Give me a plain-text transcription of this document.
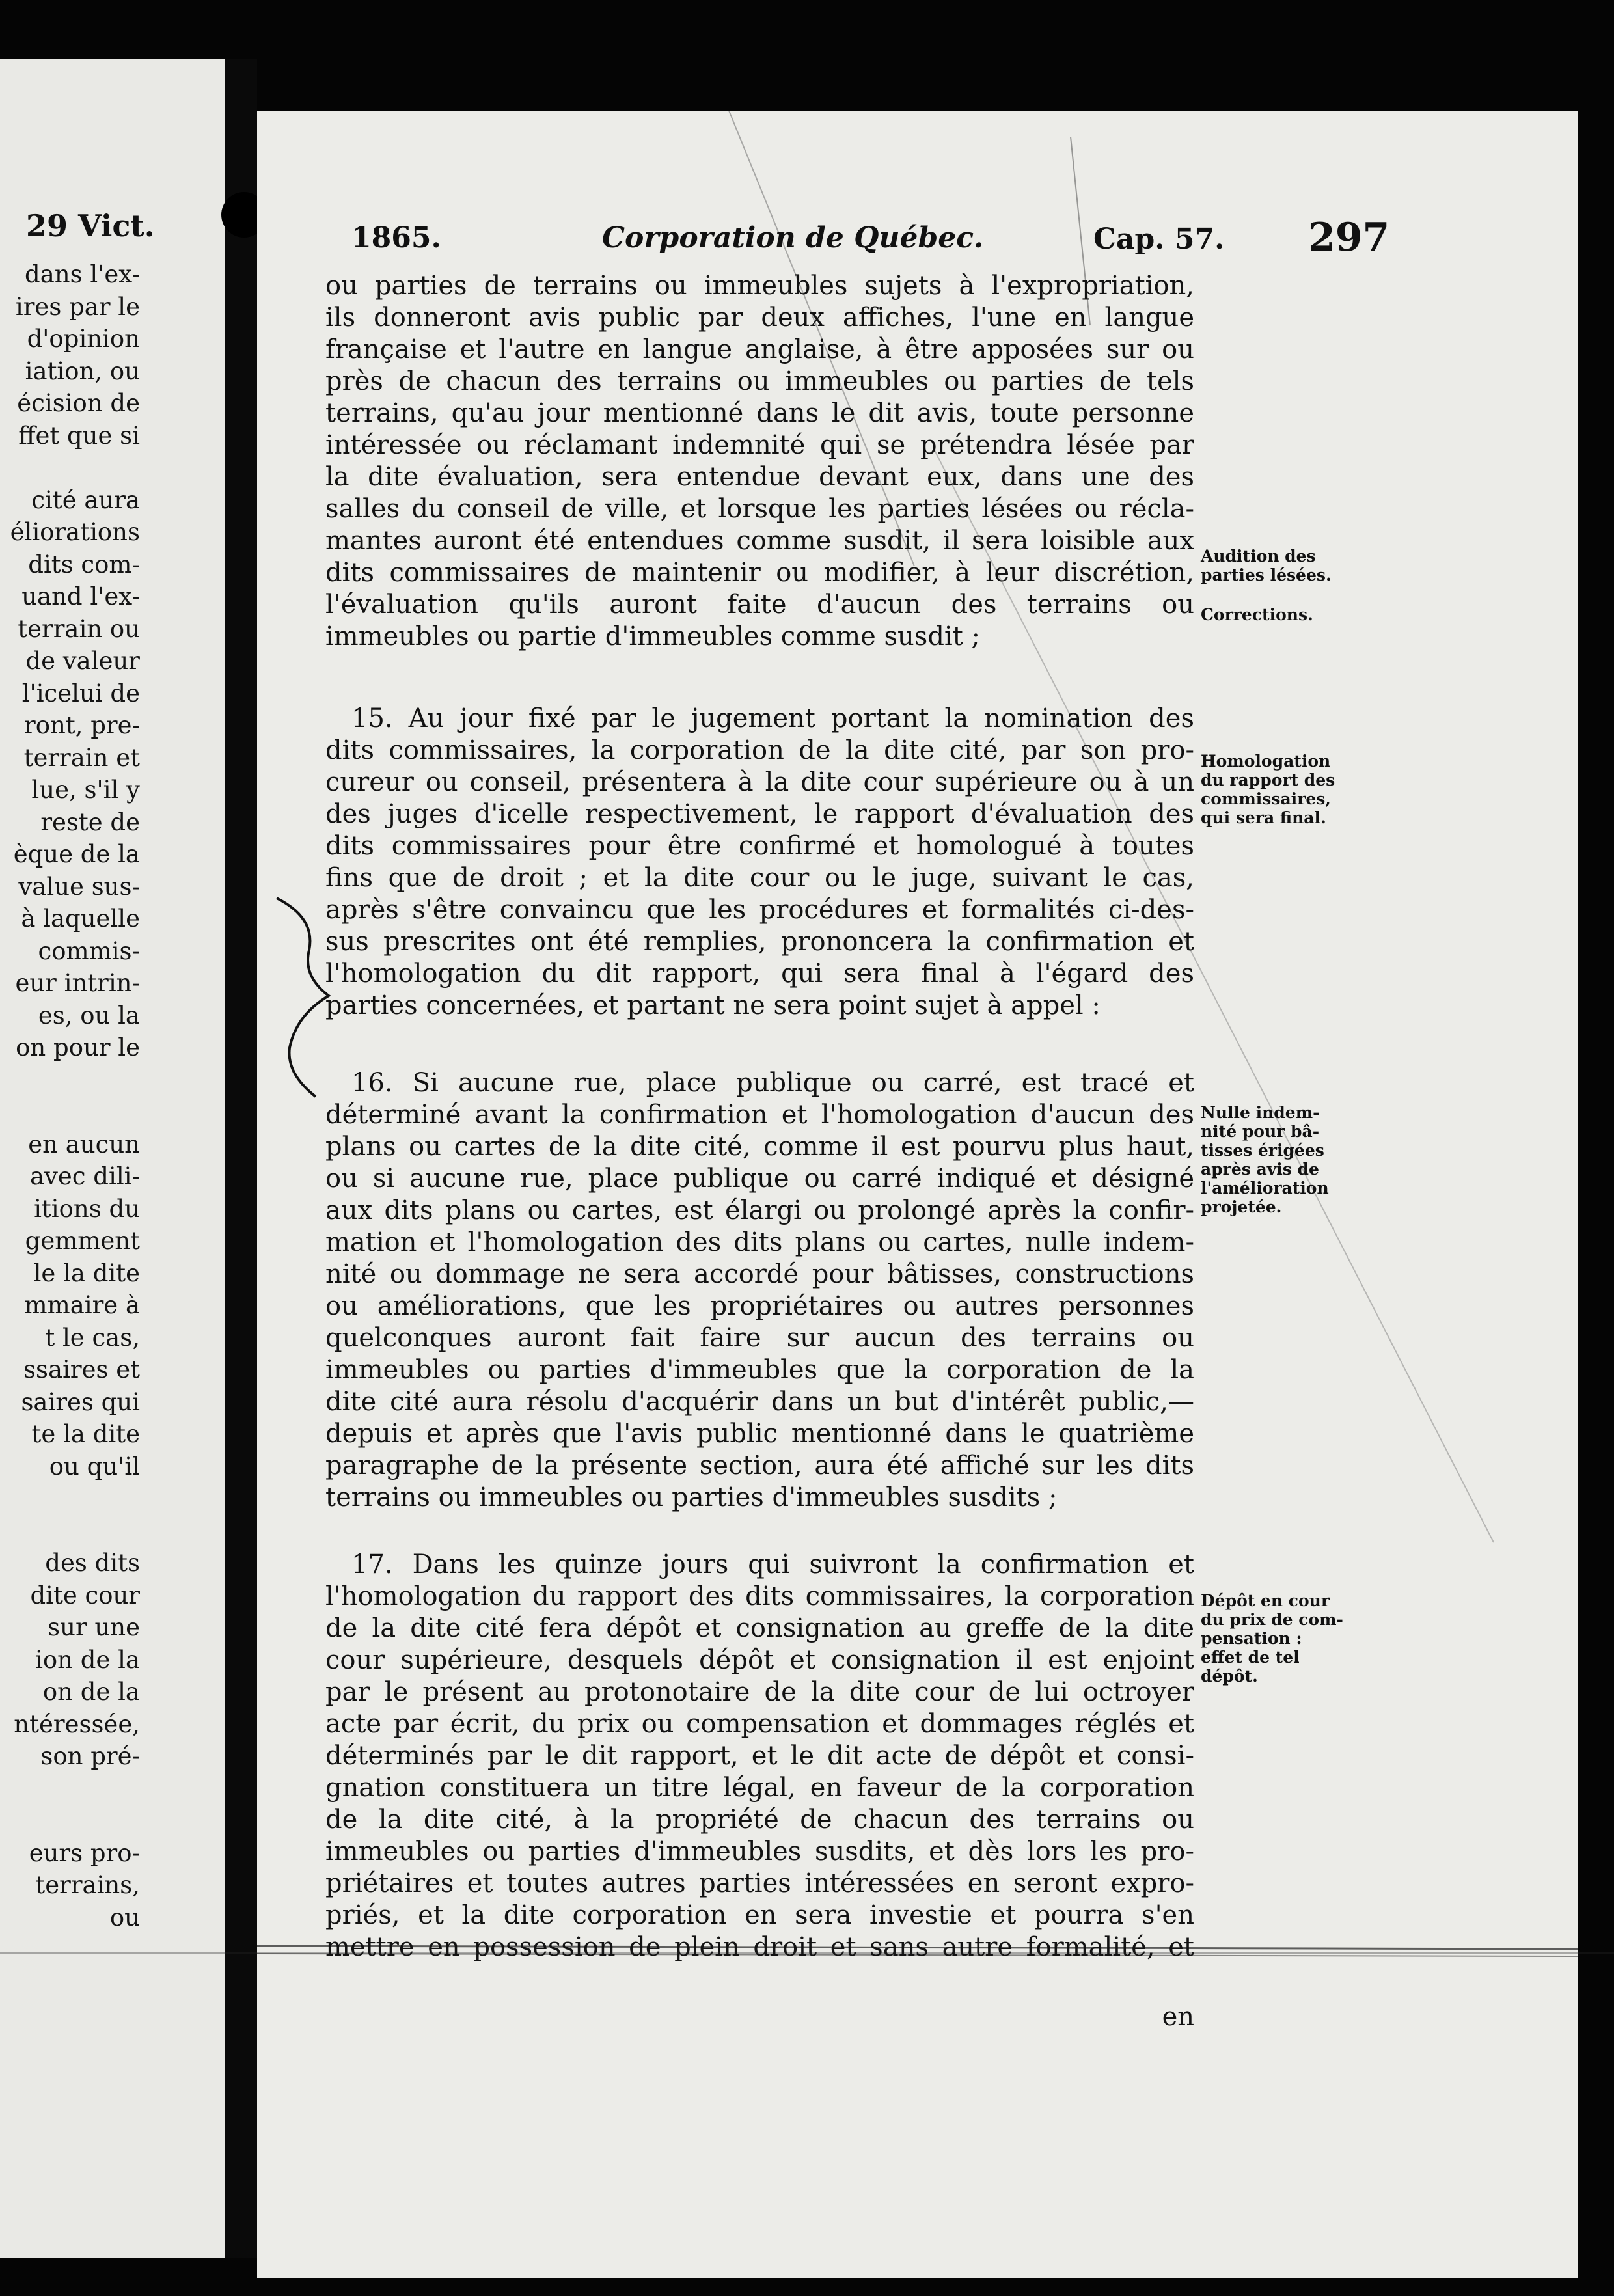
29 Vict.
dans l'ex-
ires par le
d'opinion
iation, ou
écision de
ffet que si
cité aura
éliorations
dits com-
uand l'ex-
terrain ou
de valeur
l'icelui de
ront, pre-
terrain et
lue, s'il y
reste de
èque de la
value sus-
à laquelle
commis-
eur intrin-
es, ou la
on pour le
en aucun
avec dili-
itions du
gemment
le la dite
mmaire à
t le cas,
ssaires et
saires qui
te la dite
ou qu'il
des dits
dite cour
sur une
ion de la
on de la
ntéressée,
son pré-
eurs pro-
terrains,
ou
1865.	Corporation de Québec.	Cap. 57. 297
ou parties de terrains ou immeubles sujets à l'expropriation,
ils donneront avis public par deux affiches, l'une en langue
française et l'autre en langue anglaise, à être apposées sur ou
près de chacun des terrains ou immeubles ou parties de tels
terrains, qu'au jour mentionné dans le dit avis, toute personne
intéressée ou réclamant indemnité qui se prétendra lésée par
la dite évaluation, sera entendue devant eux, dans une des
salles du conseil de ville, et lorsque les parties lésées ou récla-
mantes auront été entendues comme susdit, il sera loisible aux
dits commissaires de maintenir ou modifier, à leur discrétion,
l'évaluation qu'ils auront faite d'aucun des terrains ou
immeubles ou partie d'immeubles comme susdit ;
15. Au jour fixé par le jugement portant la nomination des
dits commissaires, la corporation de la dite cité, par son pro-
cureur ou conseil, présentera à la dite cour supérieure ou à un
des juges d'icelle respectivement, le rapport d'évaluation des
dits commissaires pour être confirmé et homologué à toutes
fins que de droit ; et la dite cour ou le juge, suivant le cas,
après s'être convaincu que les procédures et formalités ci-des-
sus prescrites ont été remplies, prononcera la confirmation et
l'homologation du dit rapport, qui sera final à l'égard des
parties concernées, et partant ne sera point sujet à appel :
16. Si aucune rue, place publique ou carré, est tracé et
déterminé avant la confirmation et l'homologation d'aucun des
plans ou cartes de la dite cité, comme il est pourvu plus haut,
ou si aucune rue, place publique ou carré indiqué et désigné
aux dits plans ou cartes, est élargi ou prolongé après la confir-
mation et l'homologation des dits plans ou cartes, nulle indem-
nité ou dommage ne sera accordé pour bâtisses, constructions
ou améliorations, que les propriétaires ou autres personnes
quelconques auront fait faire sur aucun des terrains ou
immeubles ou parties d'immeubles que la corporation de la
dite cité aura résolu d'acquérir dans un but d'intérêt public,—
depuis et après que l'avis public mentionné dans le quatrième
paragraphe de la présente section, aura été affiché sur les dits
terrains ou immeubles ou parties d'immeubles susdits ;
17. Dans les quinze jours qui suivront la confirmation et
l'homologation du rapport des dits commissaires, la corporation
de la dite cité fera dépôt et consignation au greffe de la dite
cour supérieure, desquels dépôt et consignation il est enjoint
par le présent au protonotaire de la dite cour de lui octroyer
acte par écrit, du prix ou compensation et dommages réglés et
déterminés par le dit rapport, et le dit acte de dépôt et consi-
gnation constituera un titre légal, en faveur de la corporation
de la dite cité, à la propriété de chacun des terrains ou
immeubles ou parties d'immeubles susdits, et dès lors les pro-
priétaires et toutes autres parties intéressées en seront expro-
priés, et la dite corporation en sera investie et pourra s'en
mettre en possession de plein droit et sans autre formalité, et
Audition des
parties lésées.
Corrections.
Homologation
du rapport des
commissaires,
qui sera final.
Nulle indem-
nité pour bâ-
tisses érigées
après avis de
l'amélioration
projetée.
Dépôt en cour
du prix de com-
pensation :
effet de tel
dépôt.
en
